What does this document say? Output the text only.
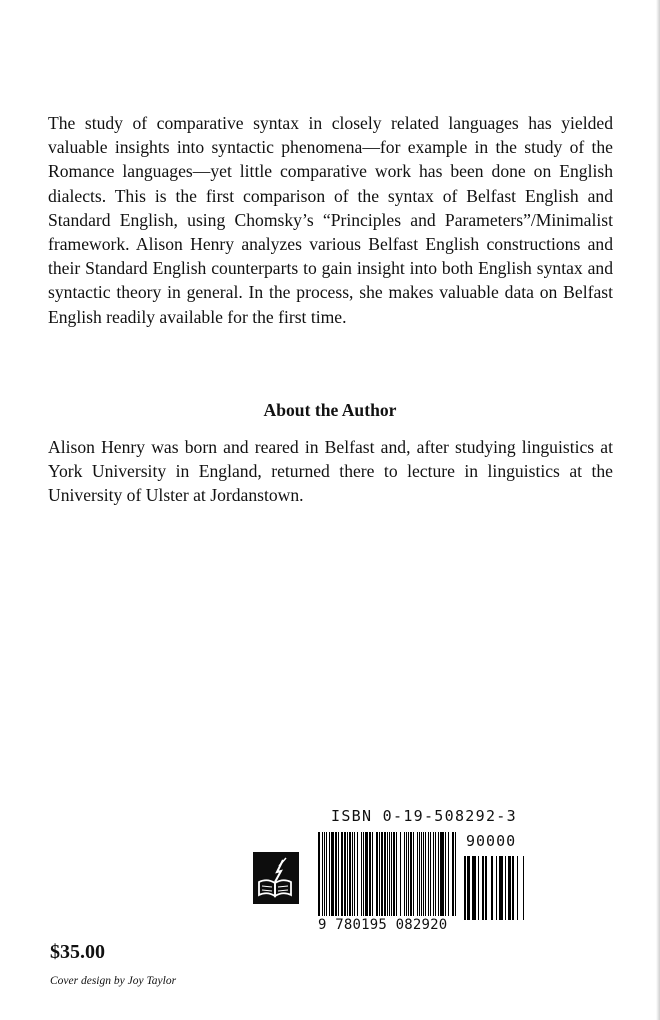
The study of comparative syntax in closely related languages has yielded valuable insights into syntactic phenomena—for example in the study of the Romance languages—yet little comparative work has been done on English dialects. This is the first comparison of the syntax of Belfast English and Standard English, using Chomsky’s “Principles and Parameters”/Minimalist framework. Alison Henry analyzes various Belfast English constructions and their Standard English counterparts to gain insight into both English syntax and syntactic theory in general. In the process, she makes valuable data on Belfast English readily available for the first time.

About the Author

Alison Henry was born and reared in Belfast and, after studying linguistics at York University in England, returned there to lecture in linguistics at the University of Ulster at Jordanstown.

ISBN 0-19-508292-3
90000
9 780195 082920
$35.00
Cover design by Joy Taylor
